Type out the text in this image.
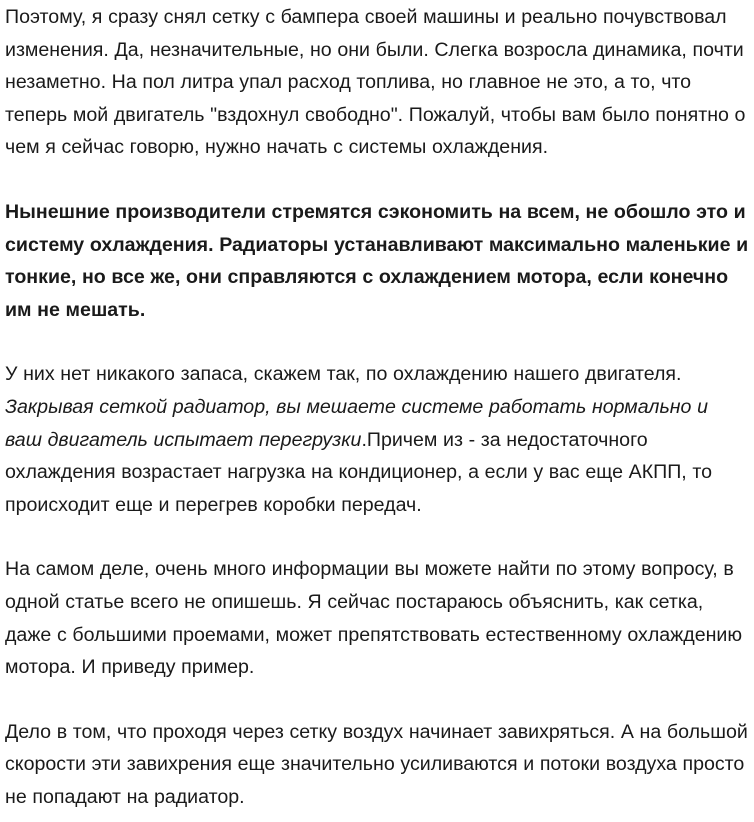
Поэтому, я сразу снял сетку с бампера своей машины и реально почувствовал изменения. Да, незначительные, но они были. Слегка возросла динамика, почти незаметно. На пол литра упал расход топлива, но главное не это, а то, что теперь мой двигатель "вздохнул свободно". Пожалуй, чтобы вам было понятно о чем я сейчас говорю, нужно начать с системы охлаждения.

Нынешние производители стремятся сэкономить на всем, не обошло это и систему охлаждения. Радиаторы устанавливают максимально маленькие и тонкие, но все же, они справляются с охлаждением мотора, если конечно им не мешать.

У них нет никакого запаса, скажем так, по охлаждению нашего двигателя. Закрывая сеткой радиатор, вы мешаете системе работать нормально и ваш двигатель испытает перегрузки.Причем из - за недостаточного охлаждения возрастает нагрузка на кондиционер, а если у вас еще АКПП, то происходит еще и перегрев коробки передач.

На самом деле, очень много информации вы можете найти по этому вопросу, в одной статье всего не опишешь. Я сейчас постараюсь объяснить, как сетка, даже с большими проемами, может препятствовать естественному охлаждению мотора. И приведу пример.

Дело в том, что проходя через сетку воздух начинает завихряться. А на большой скорости эти завихрения еще значительно усиливаются и потоки воздуха просто не попадают на радиатор.
